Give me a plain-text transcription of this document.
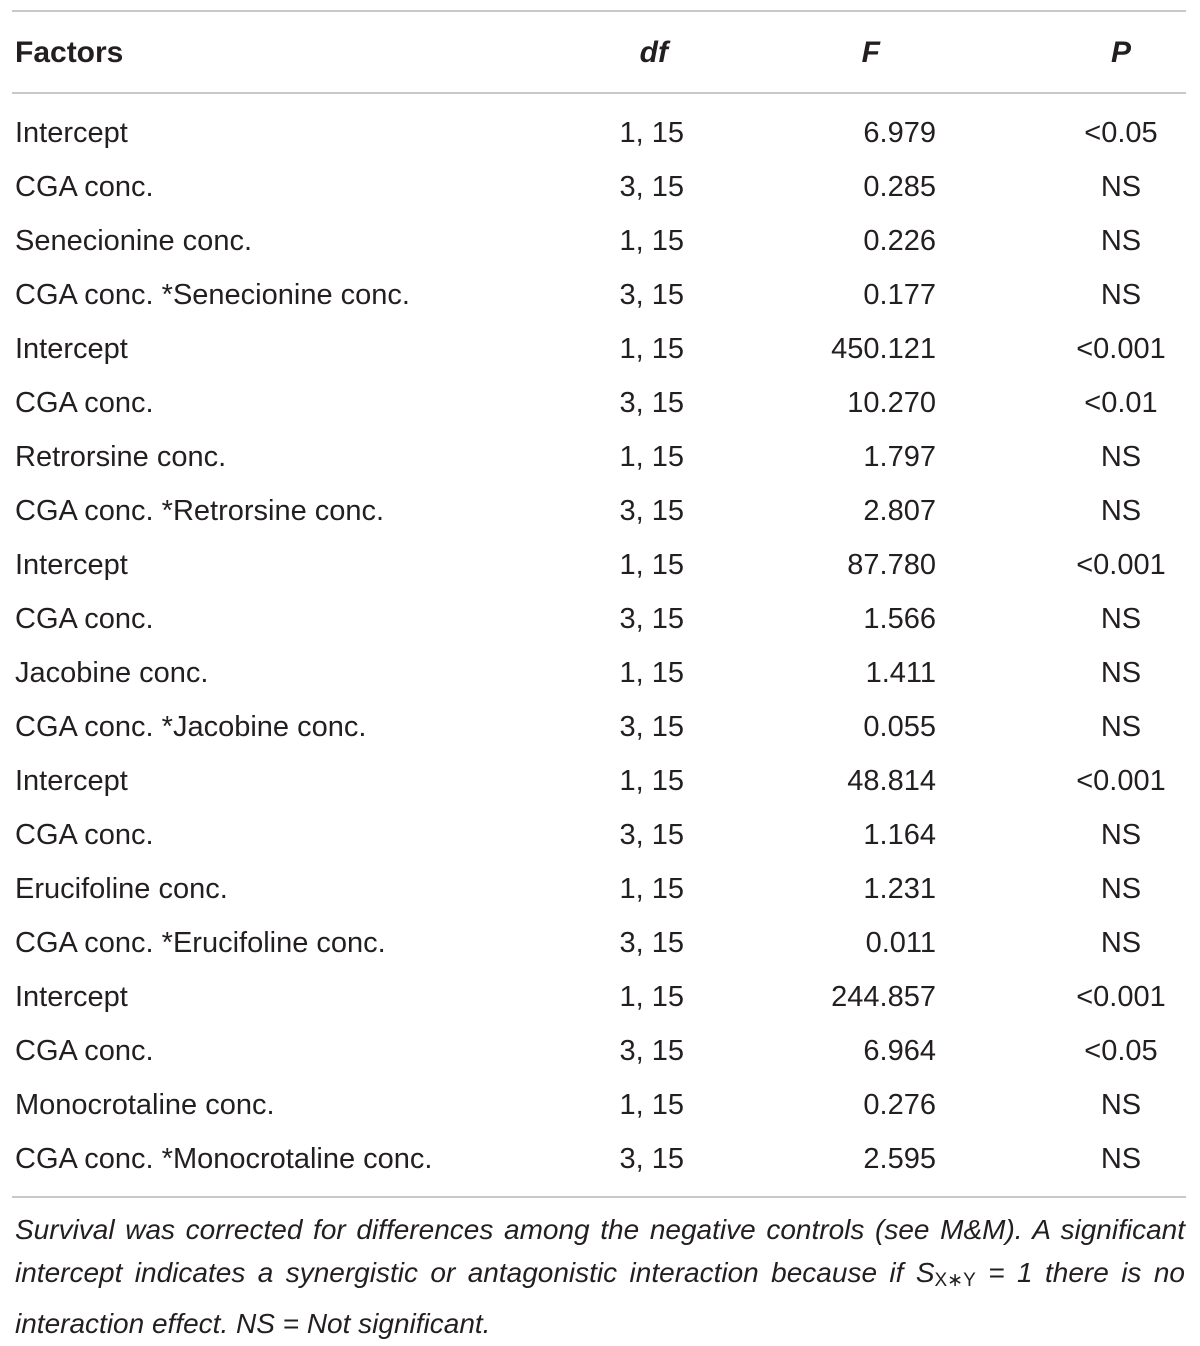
Factors	df	F	P
Intercept	1, 15	6.979	<0.05
CGA conc.	3, 15	0.285	NS
Senecionine conc.	1, 15	0.226	NS
CGA conc. *Senecionine conc.	3, 15	0.177	NS
Intercept	1, 15	450.121	<0.001
CGA conc.	3, 15	10.270	<0.01
Retrorsine conc.	1, 15	1.797	NS
CGA conc. *Retrorsine conc.	3, 15	2.807	NS
Intercept	1, 15	87.780	<0.001
CGA conc.	3, 15	1.566	NS
Jacobine conc.	1, 15	1.411	NS
CGA conc. *Jacobine conc.	3, 15	0.055	NS
Intercept	1, 15	48.814	<0.001
CGA conc.	3, 15	1.164	NS
Erucifoline conc.	1, 15	1.231	NS
CGA conc. *Erucifoline conc.	3, 15	0.011	NS
Intercept	1, 15	244.857	<0.001
CGA conc.	3, 15	6.964	<0.05
Monocrotaline conc.	1, 15	0.276	NS
CGA conc. *Monocrotaline conc.	3, 15	2.595	NS
Survival was corrected for differences among the negative controls (see M&M). A significant intercept indicates a synergistic or antagonistic interaction because if $S_{X∗Y} = 1$ there is no interaction effect. NS = Not significant.
